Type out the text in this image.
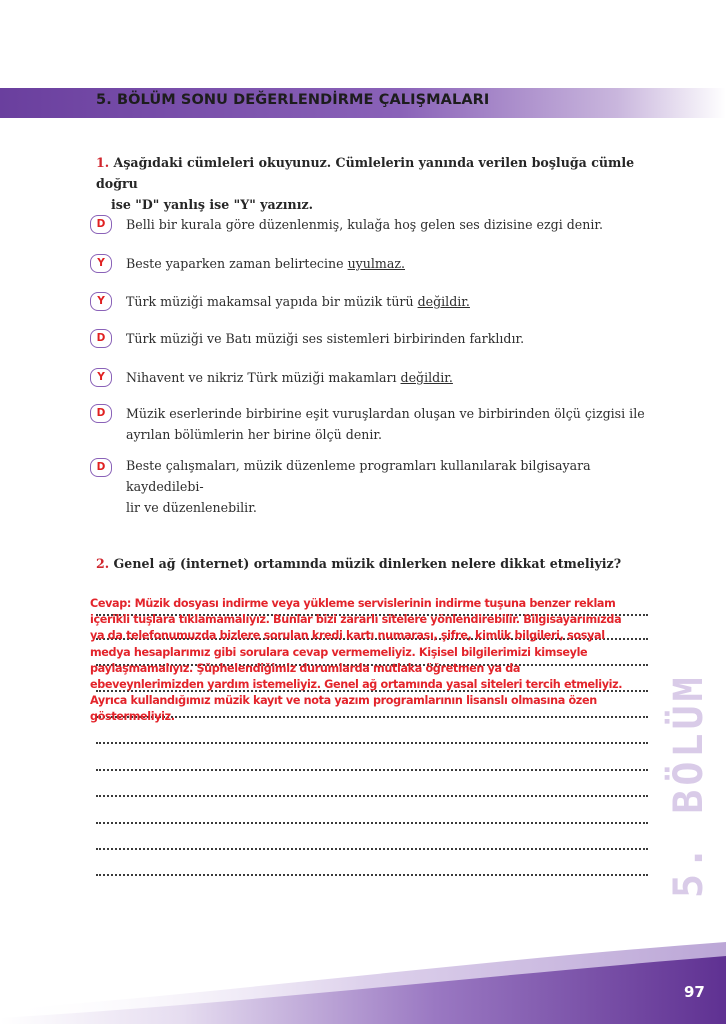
5. BÖLÜM SONU DEĞERLENDİRME ÇALIŞMALARI
1. Aşağıdaki cümleleri okuyunuz. Cümlelerin yanında verilen boşluğa cümle doğru
ise "D" yanlış ise "Y" yazınız.
D	Belli bir kurala göre düzenlenmiş, kulağa hoş gelen ses dizisine ezgi denir.
Y	Beste yaparken zaman belirtecine uyulmaz.
Y	Türk müziği makamsal yapıda bir müzik türü değildir.
D	Türk müziği ve Batı müziği ses sistemleri birbirinden farklıdır.
Y	Nihavent ve nikriz Türk müziği makamları değildir.
D	Müzik eserlerinde birbirine eşit vuruşlardan oluşan ve birbirinden ölçü çizgisi ile
ayrılan bölümlerin her birine ölçü denir.
D	Beste çalışmaları, müzik düzenleme programları kullanılarak bilgisayara kaydedilebi-
lir ve düzenlenebilir.
2. Genel ağ (internet) ortamında müzik dinlerken nelere dikkat etmeliyiz?
Cevap: Müzik dosyası indirme veya yükleme servislerinin indirme tuşuna benzer reklam
içerikli tuşlara tıklamamalıyız. Bunlar bizi zararlı sitelere yönlendirebilir. Bilgisayarımızda
ya da telefonumuzda bizlere sorulan kredi kartı numarası, şifre, kimlik bilgileri, sosyal
medya hesaplarımız gibi sorulara cevap vermemeliyiz. Kişisel bilgilerimizi kimseyle
paylaşmamalıyız. Şüphelendiğimiz durumlarda mutlaka öğretmen ya da
ebeveynlerimizden yardım istemeliyiz. Genel ağ ortamında yasal siteleri tercih etmeliyiz.
Ayrıca kullandığımız müzik kayıt ve nota yazım programlarının lisanslı olmasına özen
göstermeliyiz.	5. BÖLÜM
97
